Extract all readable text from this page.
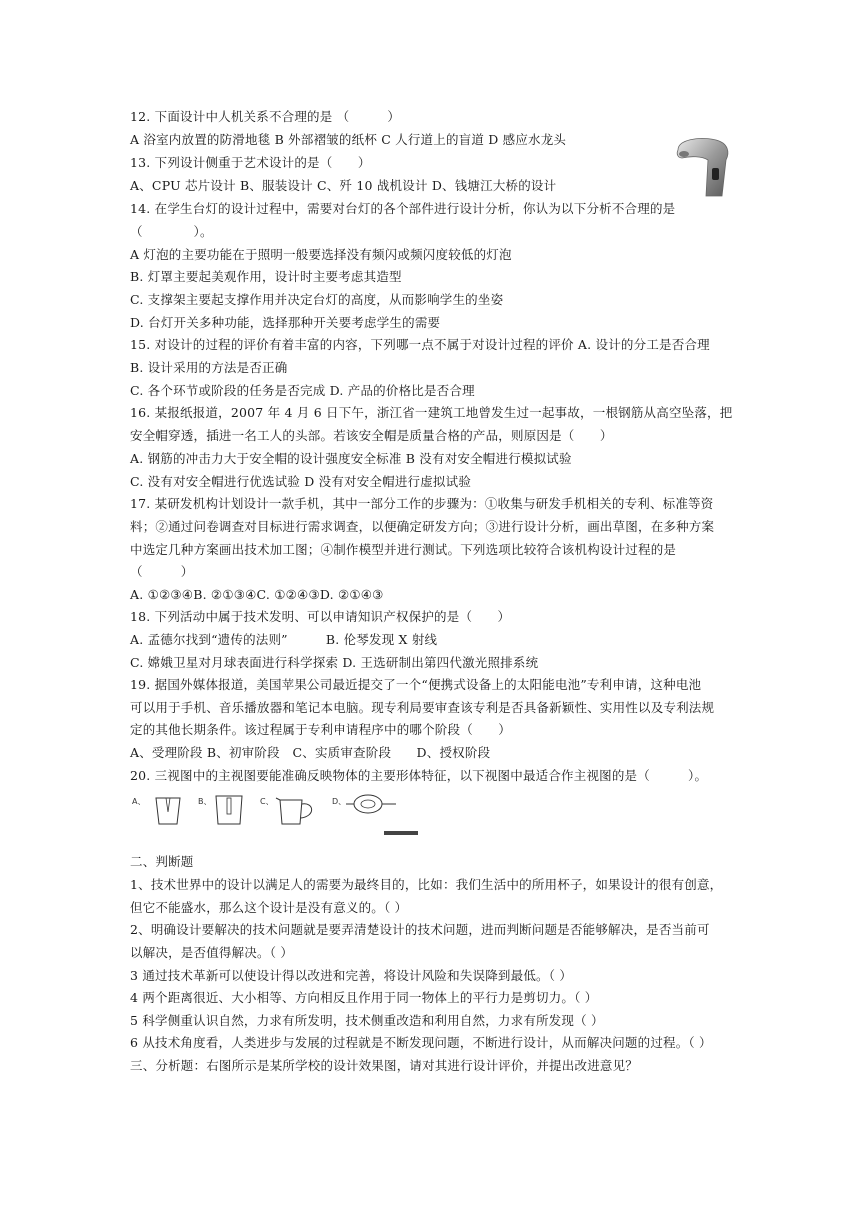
A、	B、	C、	D、
12. 下面设计中人机关系不合理的是 （　　　）
A 浴室内放置的防滑地毯 B 外部褶皱的纸杯 C 人行道上的盲道 D 感应水龙头
13. 下列设计侧重于艺术设计的是（　　）
A、CPU 芯片设计 B、服装设计 C、歼 10 战机设计 D、钱塘江大桥的设计
14. 在学生台灯的设计过程中，需要对台灯的各个部件进行设计分析，你认为以下分析不合理的是
（　　　　）。
A 灯泡的主要功能在于照明一般要选择没有频闪或频闪度较低的灯泡
B. 灯罩主要起美观作用，设计时主要考虑其造型
C. 支撑架主要起支撑作用并决定台灯的高度，从而影响学生的坐姿
D. 台灯开关多种功能，选择那种开关要考虑学生的需要
15. 对设计的过程的评价有着丰富的内容，下列哪一点不属于对设计过程的评价 A. 设计的分工是否合理
B. 设计采用的方法是否正确
C. 各个环节或阶段的任务是否完成 D. 产品的价格比是否合理
16. 某报纸报道，2007 年 4 月 6 日下午，浙江省一建筑工地曾发生过一起事故，一根钢筋从高空坠落，把
安全帽穿透，插进一名工人的头部。若该安全帽是质量合格的产品，则原因是（　　）
A. 钢筋的冲击力大于安全帽的设计强度安全标准 B 没有对安全帽进行模拟试验
C. 没有对安全帽进行优选试验 D 没有对安全帽进行虚拟试验
17. 某研发机构计划设计一款手机，其中一部分工作的步骤为：①收集与研发手机相关的专利、标准等资
料；②通过问卷调查对目标进行需求调查，以便确定研发方向；③进行设计分析，画出草图，在多种方案
中选定几种方案画出技术加工图；④制作模型并进行测试。下列选项比较符合该机构设计过程的是
（　　　）
A. ①②③④B. ②①③④C. ①②④③D. ②①④③
18. 下列活动中属于技术发明、可以申请知识产权保护的是（　　）
A. 孟德尔找到“遗传的法则”　　　B. 伦琴发现 X 射线
C. 嫦娥卫星对月球表面进行科学探索 D. 王选研制出第四代激光照排系统
19. 据国外媒体报道，美国苹果公司最近提交了一个“便携式设备上的太阳能电池”专利申请，这种电池
可以用于手机、音乐播放器和笔记本电脑。现专利局要审查该专利是否具备新颖性、实用性以及专利法规
定的其他长期条件。该过程属于专利申请程序中的哪个阶段（　　）
A、受理阶段 B、初审阶段　C、实质审查阶段　　D、授权阶段
20. 三视图中的主视图要能准确反映物体的主要形体特征，以下视图中最适合作主视图的是（　　　）。
二、判断题
1、技术世界中的设计以满足人的需要为最终目的，比如：我们生活中的所用杯子，如果设计的很有创意，
但它不能盛水，那么这个设计是没有意义的。（ ）
2、明确设计要解决的技术问题就是要弄清楚设计的技术问题，进而判断问题是否能够解决，是否当前可
以解决，是否值得解决。（ ）
3 通过技术革新可以使设计得以改进和完善，将设计风险和失误降到最低。（ ）
4 两个距离很近、大小相等、方向相反且作用于同一物体上的平行力是剪切力。（ ）
5 科学侧重认识自然，力求有所发明，技术侧重改造和利用自然，力求有所发现（ ）
6 从技术角度看，人类进步与发展的过程就是不断发现问题，不断进行设计，从而解决问题的过程。（ ）
三、分析题：右图所示是某所学校的设计效果图，请对其进行设计评价，并提出改进意见？
